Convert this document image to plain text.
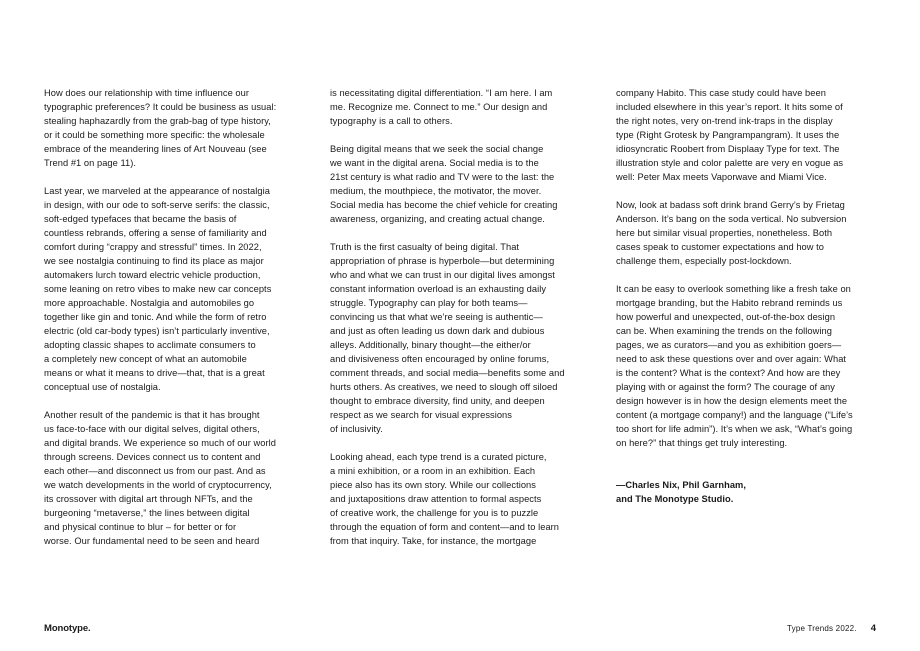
How does our relationship with time influence our
typographic preferences? It could be business as usual:
stealing haphazardly from the grab-bag of type history,
or it could be something more specific: the wholesale
embrace of the meandering lines of Art Nouveau (see
Trend #1 on page 11).

Last year, we marveled at the appearance of nostalgia
in design, with our ode to soft-serve serifs: the classic,
soft-edged typefaces that became the basis of
countless rebrands, offering a sense of familiarity and
comfort during “crappy and stressful” times. In 2022,
we see nostalgia continuing to find its place as major
automakers lurch toward electric vehicle production,
some leaning on retro vibes to make new car concepts
more approachable. Nostalgia and automobiles go
together like gin and tonic. And while the form of retro
electric (old car-body types) isn’t particularly inventive,
adopting classic shapes to acclimate consumers to
a completely new concept of what an automobile
means or what it means to drive—that, that is a great
conceptual use of nostalgia.

Another result of the pandemic is that it has brought
us face-to-face with our digital selves, digital others,
and digital brands. We experience so much of our world
through screens. Devices connect us to content and
each other—and disconnect us from our past. And as
we watch developments in the world of cryptocurrency,
its crossover with digital art through NFTs, and the
burgeoning “metaverse,” the lines between digital
and physical continue to blur – for better or for
worse. Our fundamental need to be seen and heard

is necessitating digital differentiation. “I am here. I am
me. Recognize me. Connect to me.” Our design and
typography is a call to others.

Being digital means that we seek the social change
we want in the digital arena. Social media is to the
21st century is what radio and TV were to the last: the
medium, the mouthpiece, the motivator, the mover.
Social media has become the chief vehicle for creating
awareness, organizing, and creating actual change.

Truth is the first casualty of being digital. That
appropriation of phrase is hyperbole—but determining
who and what we can trust in our digital lives amongst
constant information overload is an exhausting daily
struggle. Typography can play for both teams—
convincing us that what we’re seeing is authentic—
and just as often leading us down dark and dubious
alleys. Additionally, binary thought—the either/or
and divisiveness often encouraged by online forums,
comment threads, and social media—benefits some and
hurts others. As creatives, we need to slough off siloed
thought to embrace diversity, find unity, and deepen
respect as we search for visual expressions
of inclusivity.

Looking ahead, each type trend is a curated picture,
a mini exhibition, or a room in an exhibition. Each
piece also has its own story. While our collections
and juxtapositions draw attention to formal aspects
of creative work, the challenge for you is to puzzle
through the equation of form and content—and to learn
from that inquiry. Take, for instance, the mortgage

company Habito. This case study could have been
included elsewhere in this year’s report. It hits some of
the right notes, very on-trend ink-traps in the display
type (Right Grotesk by Pangrampangram). It uses the
idiosyncratic Roobert from Displaay Type for text. The
illustration style and color palette are very en vogue as
well: Peter Max meets Vaporwave and Miami Vice.

Now, look at badass soft drink brand Gerry’s by Frietag
Anderson. It’s bang on the soda vertical. No subversion
here but similar visual properties, nonetheless. Both
cases speak to customer expectations and how to
challenge them, especially post-lockdown.

It can be easy to overlook something like a fresh take on
mortgage branding, but the Habito rebrand reminds us
how powerful and unexpected, out-of-the-box design
can be. When examining the trends on the following
pages, we as curators—and you as exhibition goers—
need to ask these questions over and over again: What
is the content? What is the context? And how are they
playing with or against the form? The courage of any
design however is in how the design elements meet the
content (a mortgage company!) and the language (“Life’s
too short for life admin”). It’s when we ask, “What’s going
on here?” that things get truly interesting.

—Charles Nix, Phil Garnham,
and The Monotype Studio.

Monotype.	Type Trends 2022. 4
